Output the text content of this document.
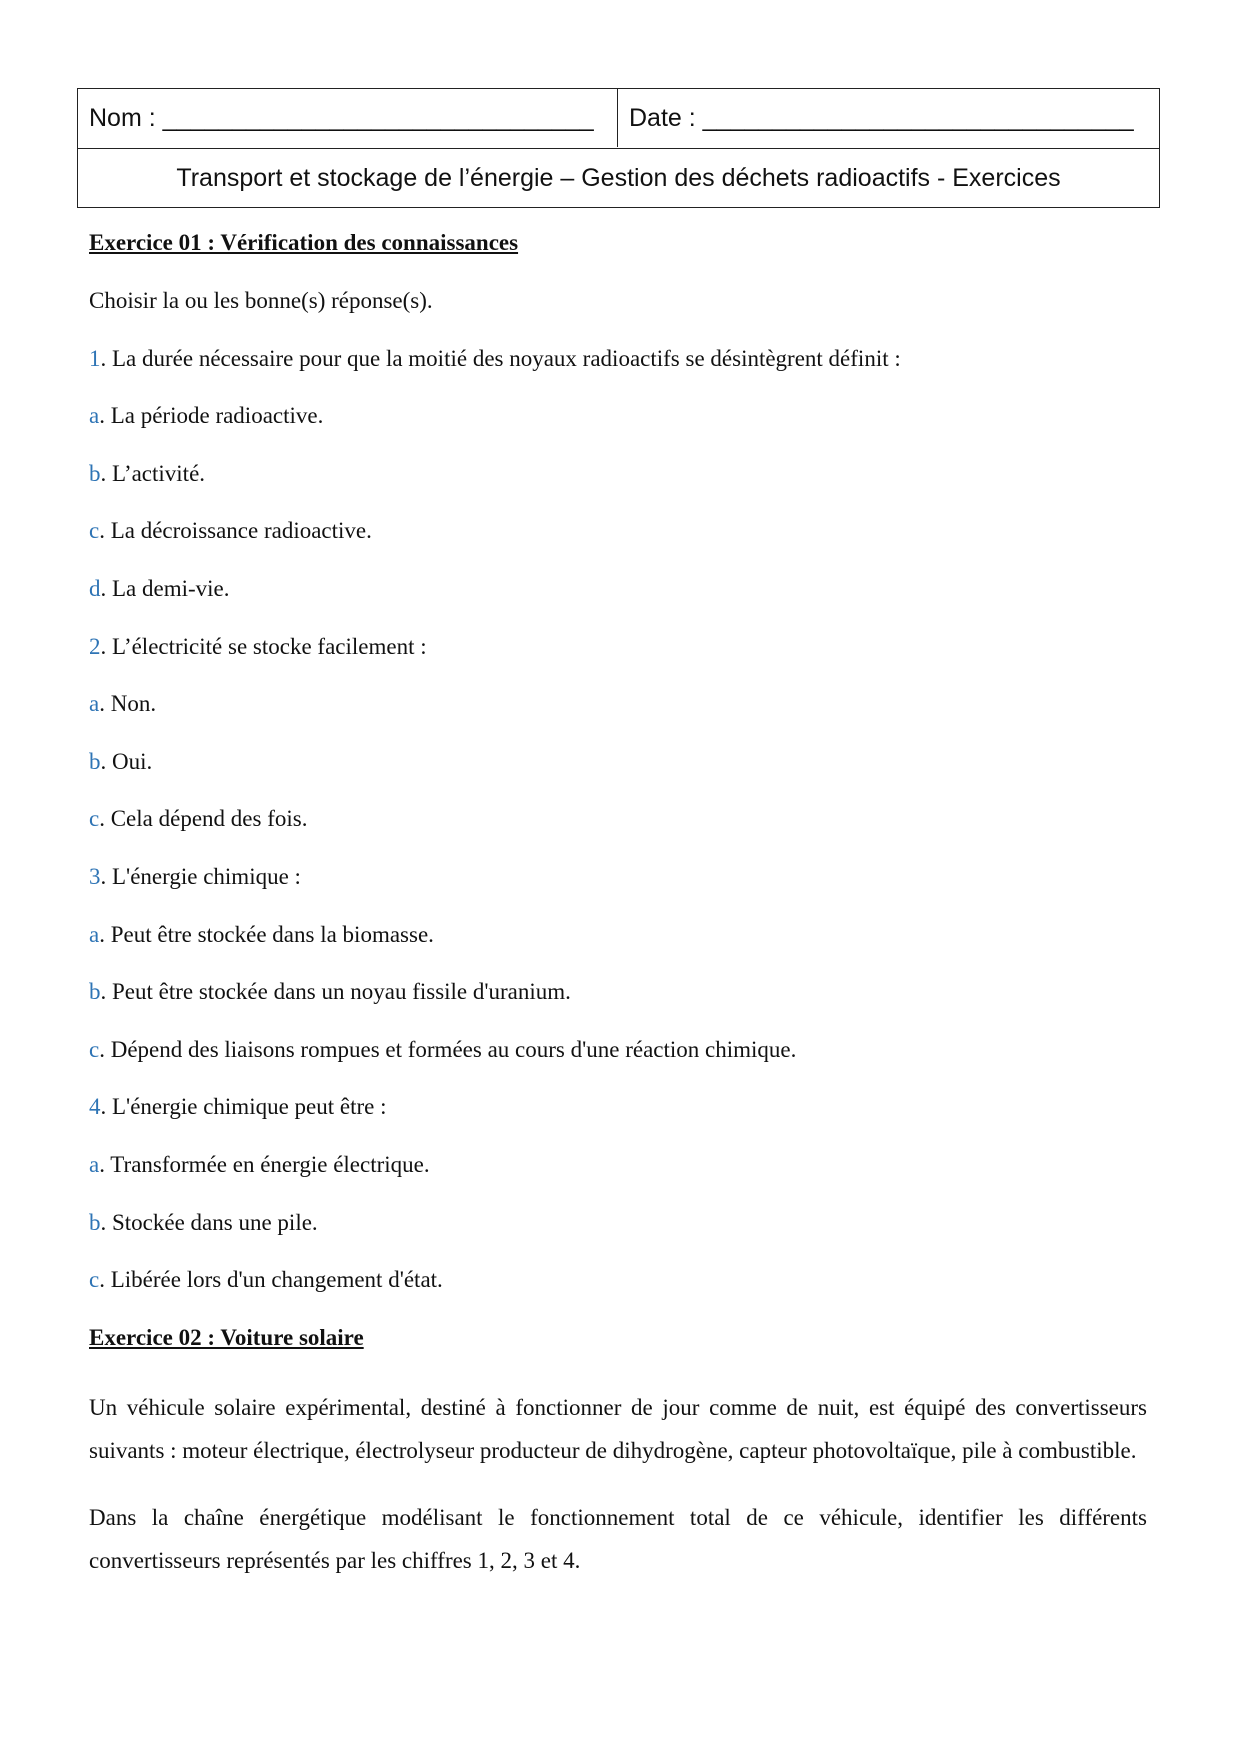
Nom : _______________________________	Date : _______________________________
Transport et stockage de l’énergie – Gestion des déchets radioactifs - Exercices
Exercice 01 : Vérification des connaissances
Choisir la ou les bonne(s) réponse(s).
1. La durée nécessaire pour que la moitié des noyaux radioactifs se désintègrent définit :
a. La période radioactive.
b. L’activité.
c. La décroissance radioactive.
d. La demi-vie.
2. L’électricité se stocke facilement :
a. Non.
b. Oui.
c. Cela dépend des fois.
3. L'énergie chimique :
a. Peut être stockée dans la biomasse.
b. Peut être stockée dans un noyau fissile d'uranium.
c. Dépend des liaisons rompues et formées au cours d'une réaction chimique.
4. L'énergie chimique peut être :
a. Transformée en énergie électrique.
b. Stockée dans une pile.
c. Libérée lors d'un changement d'état.
Exercice 02 : Voiture solaire

Un véhicule solaire expérimental, destiné à fonctionner de jour comme de nuit, est équipé des convertisseurs suivants : moteur électrique, électrolyseur producteur de dihydrogène, capteur photovoltaïque, pile à combustible.

Dans la chaîne énergétique modélisant le fonctionnement total de ce véhicule, identifier les différents convertisseurs représentés par les chiffres 1, 2, 3 et 4.
